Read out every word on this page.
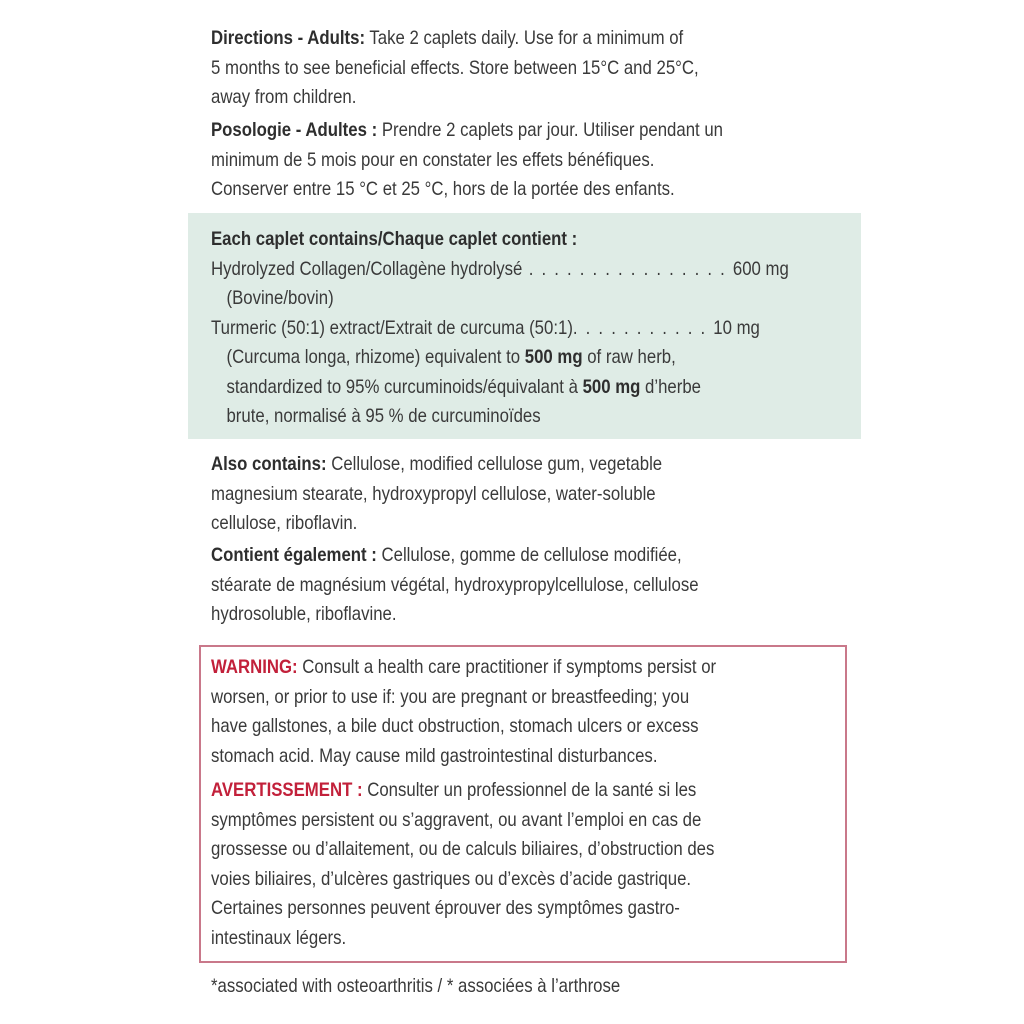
Directions - Adults: Take 2 caplets daily. Use for a minimum of
5 months to see beneficial effects. Store between 15°C and 25°C,
away from children.
Posologie - Adultes : Prendre 2 caplets par jour. Utiliser pendant un
minimum de 5 mois pour en constater les effets bénéfiques.
Conserver entre 15 °C et 25 °C, hors de la portée des enfants.
Each caplet contains/Chaque caplet contient :
Hydrolyzed Collagen/Collagène hydrolysé . . . . . . . . . . . . . . . . 600 mg
(Bovine/bovin)
Turmeric (50:1) extract/Extrait de curcuma (50:1). . . . . . . . . . . 10 mg
(Curcuma longa, rhizome) equivalent to 500 mg of raw herb,
standardized to 95% curcuminoids/équivalant à 500 mg d’herbe
brute, normalisé à 95 % de curcuminoïdes
Also contains: Cellulose, modified cellulose gum, vegetable
magnesium stearate, hydroxypropyl cellulose, water-soluble
cellulose, riboflavin.
Contient également : Cellulose, gomme de cellulose modifiée,
stéarate de magnésium végétal, hydroxypropylcellulose, cellulose
hydrosoluble, riboflavine.
WARNING: Consult a health care practitioner if symptoms persist or
worsen, or prior to use if: you are pregnant or breastfeeding; you
have gallstones, a bile duct obstruction, stomach ulcers or excess
stomach acid. May cause mild gastrointestinal disturbances.
AVERTISSEMENT : Consulter un professionnel de la santé si les
symptômes persistent ou s’aggravent, ou avant l’emploi en cas de
grossesse ou d’allaitement, ou de calculs biliaires, d’obstruction des
voies biliaires, d’ulcères gastriques ou d’excès d’acide gastrique.
Certaines personnes peuvent éprouver des symptômes gastro-
intestinaux légers.
*associated with osteoarthritis / * associées à l’arthrose
